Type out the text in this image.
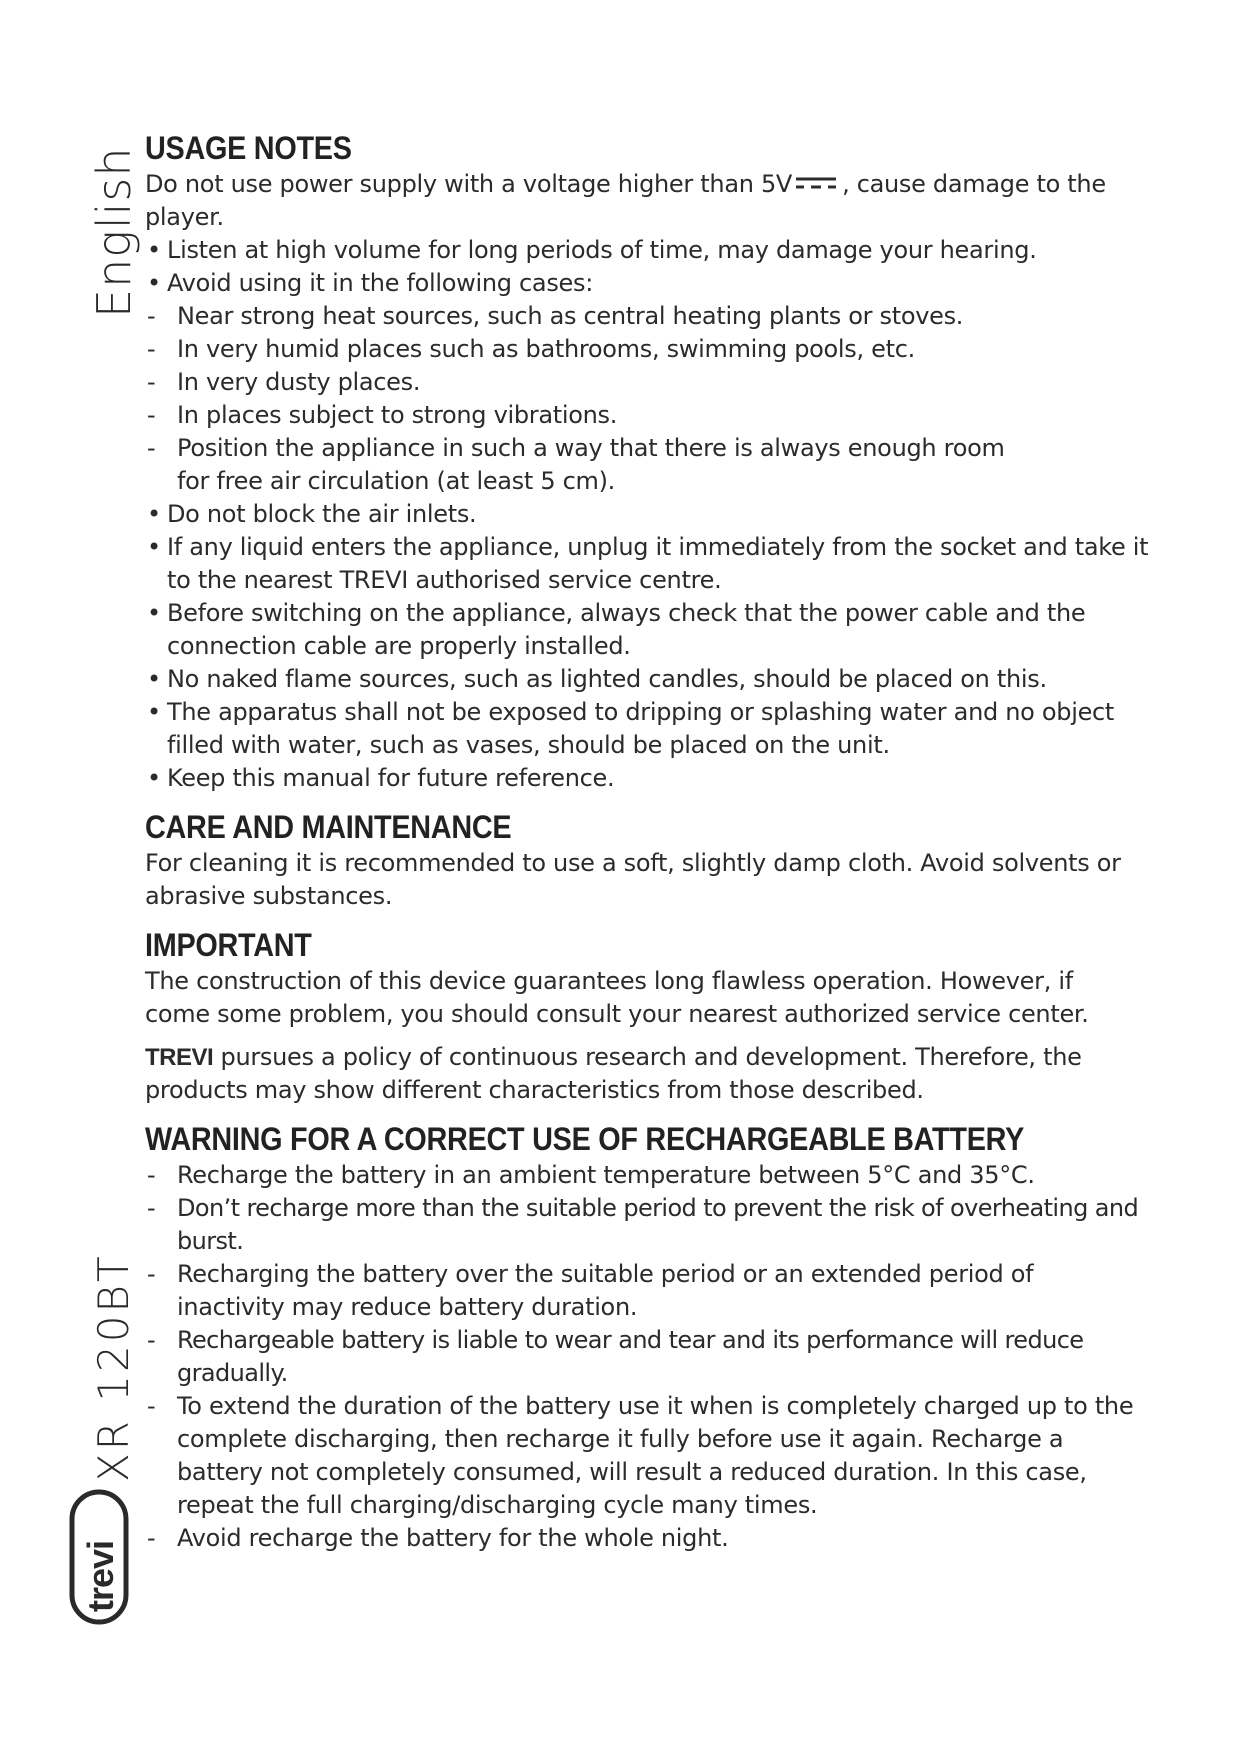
English
XR 120BT
trevi
USAGE NOTES

Do not use power supply with a voltage higher than 5V , cause damage to the player.

• Listen at high volume for long periods of time, may damage your hearing.

• Avoid using it in the following cases:

- Near strong heat sources, such as central heating plants or stoves.

- In very humid places such as bathrooms, swimming pools, etc.

- In very dusty places.

- In places subject to strong vibrations.

- Position the appliance in such a way that there is always enough room for free air circulation (at least 5 cm).

• Do not block the air inlets.

• If any liquid enters the appliance, unplug it immediately from the socket and take it to the nearest TREVI authorised service centre.

• Before switching on the appliance, always check that the power cable and the connection cable are properly installed.

• No naked flame sources, such as lighted candles, should be placed on this.

• The apparatus shall not be exposed to dripping or splashing water and no object filled with water, such as vases, should be placed on the unit.

• Keep this manual for future reference.

CARE AND MAINTENANCE

For cleaning it is recommended to use a soft, slightly damp cloth. Avoid solvents or abrasive substances.

IMPORTANT

The construction of this device guarantees long flawless operation. However, if come some problem, you should consult your nearest authorized service center.

TREVI pursues a policy of continuous research and development. Therefore, the products may show different characteristics from those described.

WARNING FOR A CORRECT USE OF RECHARGEABLE BATTERY

- Recharge the battery in an ambient temperature between 5°C and 35°C.

- Don’t recharge more than the suitable period to prevent the risk of overheating and burst.

- Recharging the battery over the suitable period or an extended period of inactivity may reduce battery duration.

- Rechargeable battery is liable to wear and tear and its performance will reduce gradually.

- To extend the duration of the battery use it when is completely charged up to the complete discharging, then recharge it fully before use it again. Recharge a battery not completely consumed, will result a reduced duration. In this case, repeat the full charging/discharging cycle many times.

- Avoid recharge the battery for the whole night.
